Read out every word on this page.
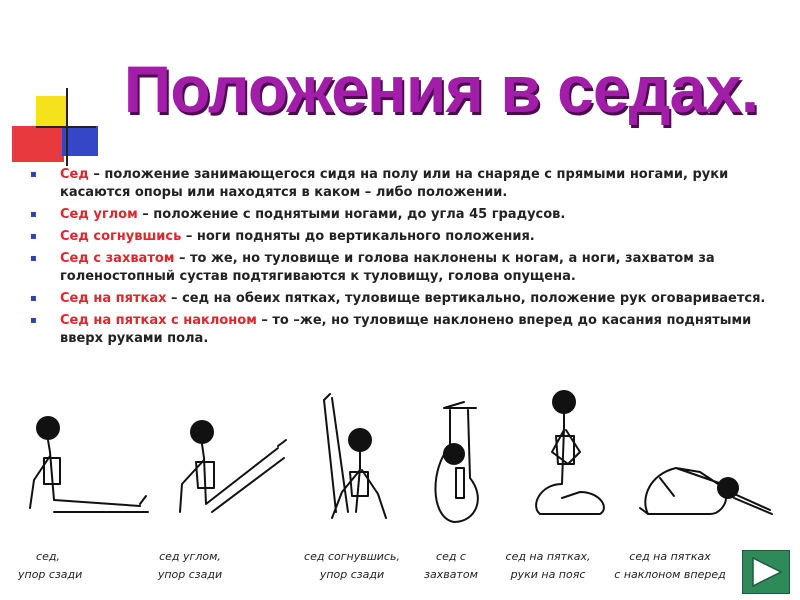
Положения в седах.
▪
Сед – положение занимающегося сидя на полу или на снаряде с прямыми ногами, руки касаются опоры или находятся в каком – либо положении.
▪
Сед углом – положение с поднятыми ногами, до угла 45 градусов.
▪
Сед согнувшись – ноги подняты до вертикального положения.
▪
Сед с захватом – то же, но туловище и голова наклонены к ногам, а ноги, захватом за голеностопный сустав подтягиваются к туловищу, голова опущена.
▪
Сед на пятках – сед на обеих пятках, туловище вертикально, положение рук оговаривается.
▪
Сед на пятках с наклоном – то –же, но туловище наклонено вперед до касания поднятыми вверх руками пола.
сед,
упор сзади
сед углом,
упор сзади
сед согнувшись,
упор сзади
сед с
захватом
сед на пятках,
руки на пояс
сед на пятках
с наклоном вперед
